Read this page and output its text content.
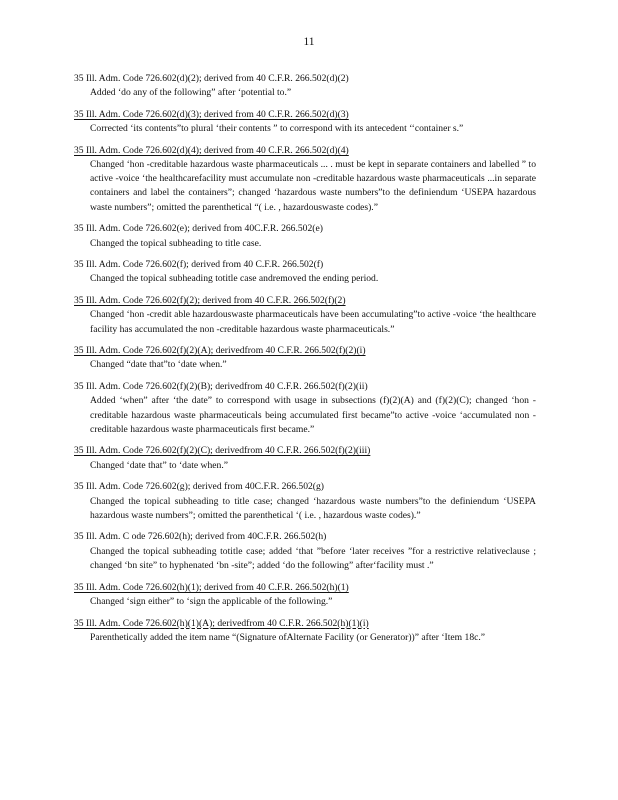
11
35 Ill. Adm. Code 726.602(d)(2); derived from 40 C.F.R. 266.502(d)(2)
Added ‘do any of the following” after ‘potential to.”
35 Ill. Adm. Code 726.602(d)(3); derived from 40 C.F.R. 266.502(d)(3)
Corrected ‘its contents”to plural ‘their contents ” to correspond with its antecedent ‘‘container s.”
35 Ill. Adm. Code 726.602(d)(4); derived from 40 C.F.R. 266.502(d)(4)
Changed ‘hon -creditable hazardous waste pharmaceuticals ... . must be kept in separate containers and labelled ” to active -voice ‘the healthcarefacility must accumulate non -creditable hazardous waste pharmaceuticals ...in separate containers and label the containers”; changed ‘hazardous waste numbers”to the definiendum ‘USEPA hazardous waste numbers”; omitted the parenthetical “( i.e. , hazardouswaste codes).”
35 Ill. Adm. Code 726.602(e); derived from 40C.F.R. 266.502(e)
Changed the topical subheading to title case.
35 Ill. Adm. Code 726.602(f); derived from 40 C.F.R. 266.502(f)
Changed the topical subheading totitle case andremoved the ending period.
35 Ill. Adm. Code 726.602(f)(2); derived from 40 C.F.R. 266.502(f)(2)
Changed ‘hon -credit able hazardouswaste pharmaceuticals have been accumulating”to active -voice ‘the healthcare facility has accumulated the non -creditable hazardous waste pharmaceuticals.”
35 Ill. Adm. Code 726.602(f)(2)(A); derivedfrom 40 C.F.R. 266.502(f)(2)(i)
Changed “date that”to ‘date when.”
35 Ill. Adm. Code 726.602(f)(2)(B); derivedfrom 40 C.F.R. 266.502(f)(2)(ii)
Added ‘when” after ‘the date” to correspond with usage in subsections (f)(2)(A) and (f)(2)(C); changed ‘hon -creditable hazardous waste pharmaceuticals being accumulated first became”to active -voice ‘accumulated non -creditable hazardous waste pharmaceuticals first became.”
35 Ill. Adm. Code 726.602(f)(2)(C); derivedfrom 40 C.F.R. 266.502(f)(2)(iii)
Changed ‘date that” to ‘date when.”
35 Ill. Adm. Code 726.602(g); derived from 40C.F.R. 266.502(g)
Changed the topical subheading to title case; changed ‘hazardous waste numbers”to the definiendum ‘USEPA hazardous waste numbers”; omitted the parenthetical ‘( i.e. , hazardous waste codes).”
35 Ill. Adm. C ode 726.602(h); derived from 40C.F.R. 266.502(h)
Changed the topical subheading totitle case; added ‘that ”before ‘later receives ”for a restrictive relativeclause ; changed ‘bn site” to hyphenated ‘bn -site”; added ‘do the following” after‘facility must .”
35 Ill. Adm. Code 726.602(h)(1); derived from 40 C.F.R. 266.502(h)(1)
Changed ‘sign either” to ‘sign the applicable of the following.”
35 Ill. Adm. Code 726.602(h)(1)(A); derivedfrom 40 C.F.R. 266.502(h)(1)(i)
Parenthetically added the item name “(Signature ofAlternate Facility (or Generator))” after ‘Item 18c.”
